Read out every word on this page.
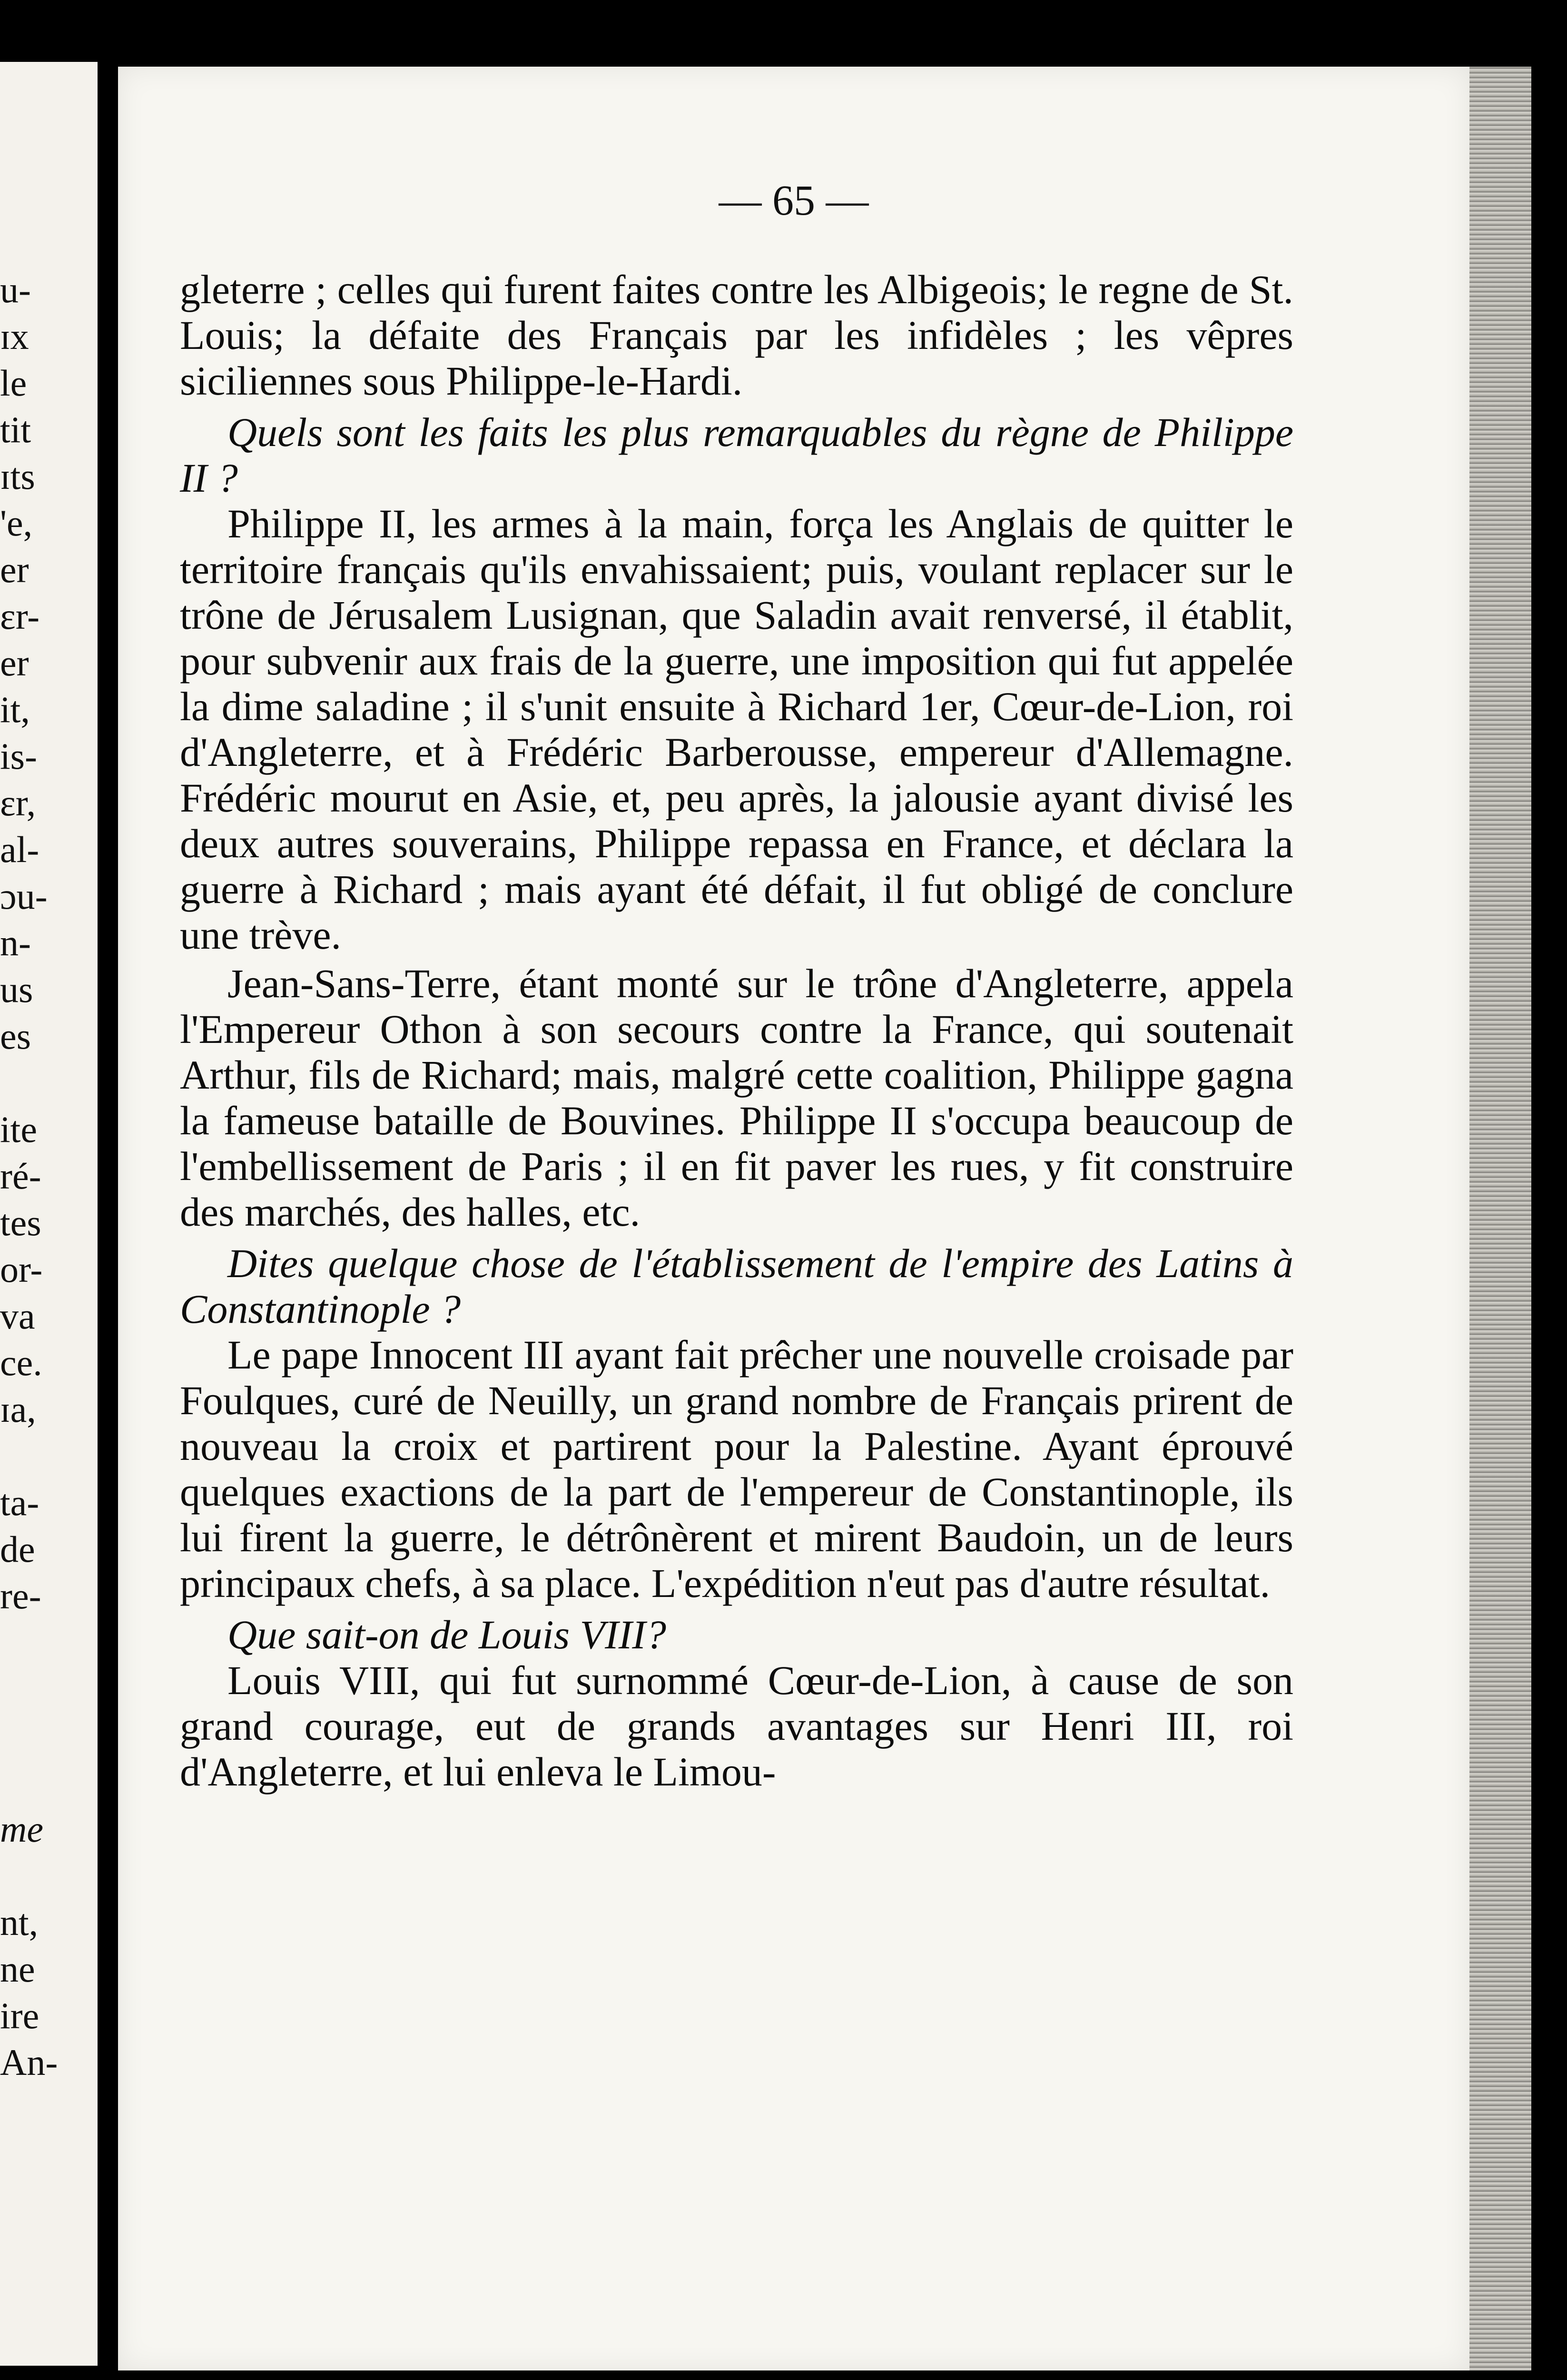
u-
ɪx
le
tit
ɪts
'e,
er
ɛr-
er
it,
is-
ɛr,
al-
ɔu-
n-
us
es
ite
ré-
tes
or-
va
ce.
ɪa,
ta-
de
re-
me
nt,
ne
ire
An-
— 65 —

gleterre ; celles qui furent faites contre les Albigeois; le regne de St. Louis; la défaite des Français par les infidèles ; les vêpres siciliennes sous Philippe-le-Hardi.

Quels sont les faits les plus remarquables du règne de Philippe II ?

Philippe II, les armes à la main, força les Anglais de quitter le territoire français qu'ils envahissaient; puis, voulant replacer sur le trône de Jérusalem Lusignan, que Saladin avait renversé, il établit, pour subvenir aux frais de la guerre, une imposition qui fut appelée la dime saladine ; il s'unit ensuite à Richard 1er, Cœur-de-Lion, roi d'Angleterre, et à Frédéric Barberousse, empereur d'Allemagne. Frédéric mourut en Asie, et, peu après, la jalousie ayant divisé les deux autres souverains, Philippe repassa en France, et déclara la guerre à Richard ; mais ayant été défait, il fut obligé de conclure une trève.

Jean-Sans-Terre, étant monté sur le trône d'Angleterre, appela l'Empereur Othon à son secours contre la France, qui soutenait Arthur, fils de Richard; mais, malgré cette coalition, Philippe gagna la fameuse bataille de Bouvines. Philippe II s'occupa beaucoup de l'embellissement de Paris ; il en fit paver les rues, y fit construire des marchés, des halles, etc.

Dites quelque chose de l'établissement de l'empire des Latins à Constantinople ?

Le pape Innocent III ayant fait prêcher une nouvelle croisade par Foulques, curé de Neuilly, un grand nombre de Français prirent de nouveau la croix et partirent pour la Palestine. Ayant éprouvé quelques exactions de la part de l'empereur de Constantinople, ils lui firent la guerre, le détrônèrent et mirent Baudoin, un de leurs principaux chefs, à sa place. L'expédition n'eut pas d'autre résultat.

Que sait-on de Louis VIII?

Louis VIII, qui fut surnommé Cœur-de-Lion, à cause de son grand courage, eut de grands avantages sur Henri III, roi d'Angleterre, et lui enleva le Limou-
